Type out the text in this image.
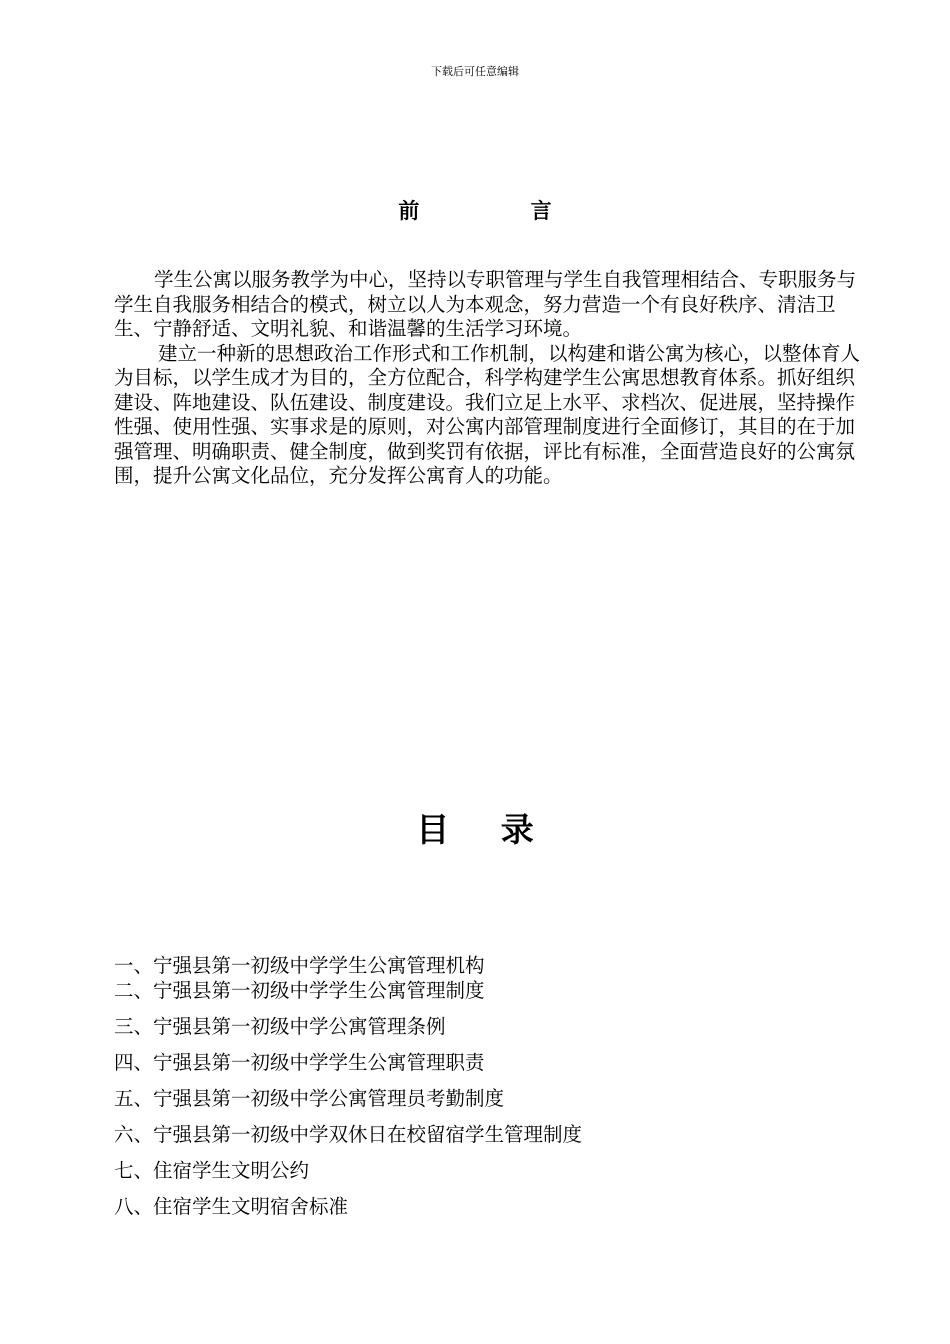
下载后可任意编辑
前 言

学生公寓以服务教学为中心，坚持以专职管理与学生自我管理相结合、专职服务与学生自我服务相结合的模式，树立以人为本观念，努力营造一个有良好秩序、清洁卫生、宁静舒适、文明礼貌、和谐温馨的生活学习环境。

建立一种新的思想政治工作形式和工作机制，以构建和谐公寓为核心，以整体育人为目标，以学生成才为目的，全方位配合，科学构建学生公寓思想教育体系。抓好组织建设、阵地建设、队伍建设、制度建设。我们立足上水平、求档次、促进展，坚持操作性强、使用性强、实事求是的原则，对公寓内部管理制度进行全面修订，其目的在于加强管理、明确职责、健全制度，做到奖罚有依据，评比有标准，全面营造良好的公寓氛围，提升公寓文化品位，充分发挥公寓育人的功能。

目 录
一、宁强县第一初级中学学生公寓管理机构
二、宁强县第一初级中学学生公寓管理制度
三、宁强县第一初级中学公寓管理条例
四、宁强县第一初级中学学生公寓管理职责
五、宁强县第一初级中学公寓管理员考勤制度
六、宁强县第一初级中学双休日在校留宿学生管理制度
七、住宿学生文明公约
八、住宿学生文明宿舍标准
